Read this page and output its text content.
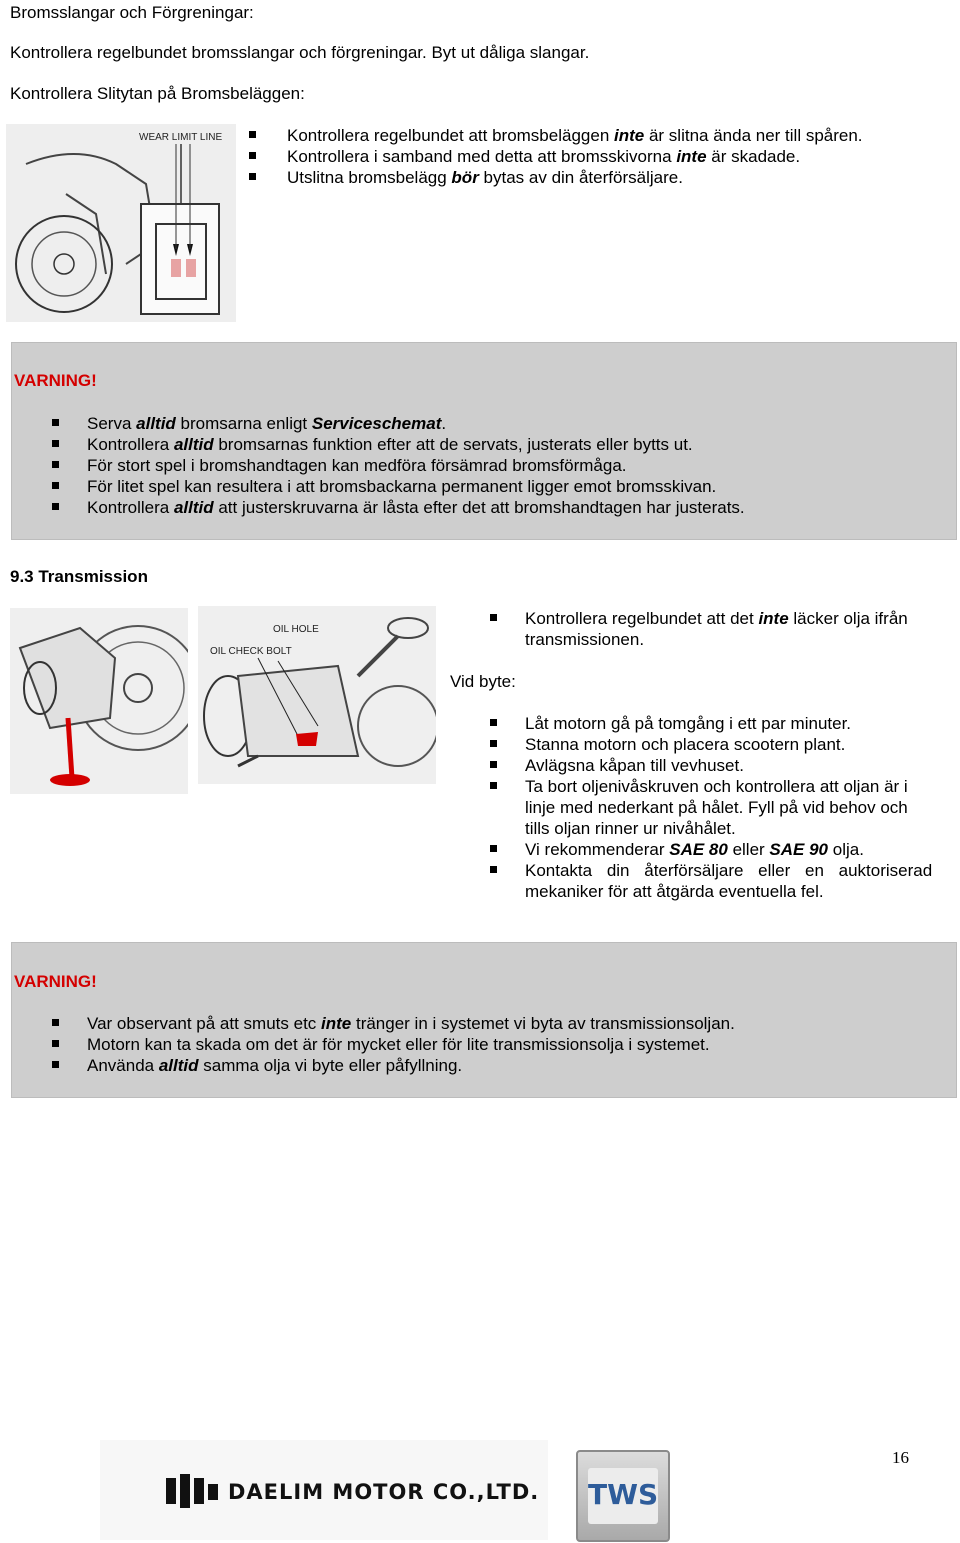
Bromsslangar och Förgreningar:
Kontrollera regelbundet bromsslangar och förgreningar. Byt ut dåliga slangar.
Kontrollera Slitytan på Bromsbeläggen:
WEAR LIMIT LINE	Kontrollera regelbundet att bromsbeläggen inte är slitna ända ner till spåren.
Kontrollera i samband med detta att bromsskivorna inte är skadade.
Utslitna bromsbelägg bör bytas av din återförsäljare.
VARNING!
Serva alltid bromsarna enligt Serviceschemat.
Kontrollera alltid bromsarnas funktion efter att de servats, justerats eller bytts ut.
För stort spel i bromshandtagen kan medföra försämrad bromsförmåga.
För litet spel kan resultera i att bromsbackarna permanent ligger emot bromsskivan.
Kontrollera alltid att justerskruvarna är låsta efter det att bromshandtagen har justerats.
9.3 Transmission
OIL HOLE
OIL CHECK BOLT
Kontrollera regelbundet att det inte läcker olja ifrån
transmissionen.
Vid byte:
Låt motorn gå på tomgång i ett par minuter.
Stanna motorn och placera scootern plant.
Avlägsna kåpan till vevhuset.
Ta bort oljenivåskruven och kontrollera att oljan är i
linje med nederkant på hålet. Fyll på vid behov och
tills oljan rinner ur nivåhålet.
Vi rekommenderar SAE 80 eller SAE 90 olja.
Kontakta din återförsäljare eller en auktoriserad
mekaniker för att åtgärda eventuella fel.
VARNING!
Var observant på att smuts etc inte tränger in i systemet vi byta av transmissionsoljan.
Motorn kan ta skada om det är för mycket eller för lite transmissionsolja i systemet.
Använda alltid samma olja vi byte eller påfyllning.
16
DAELIM MOTOR CO.,LTD. TWS
